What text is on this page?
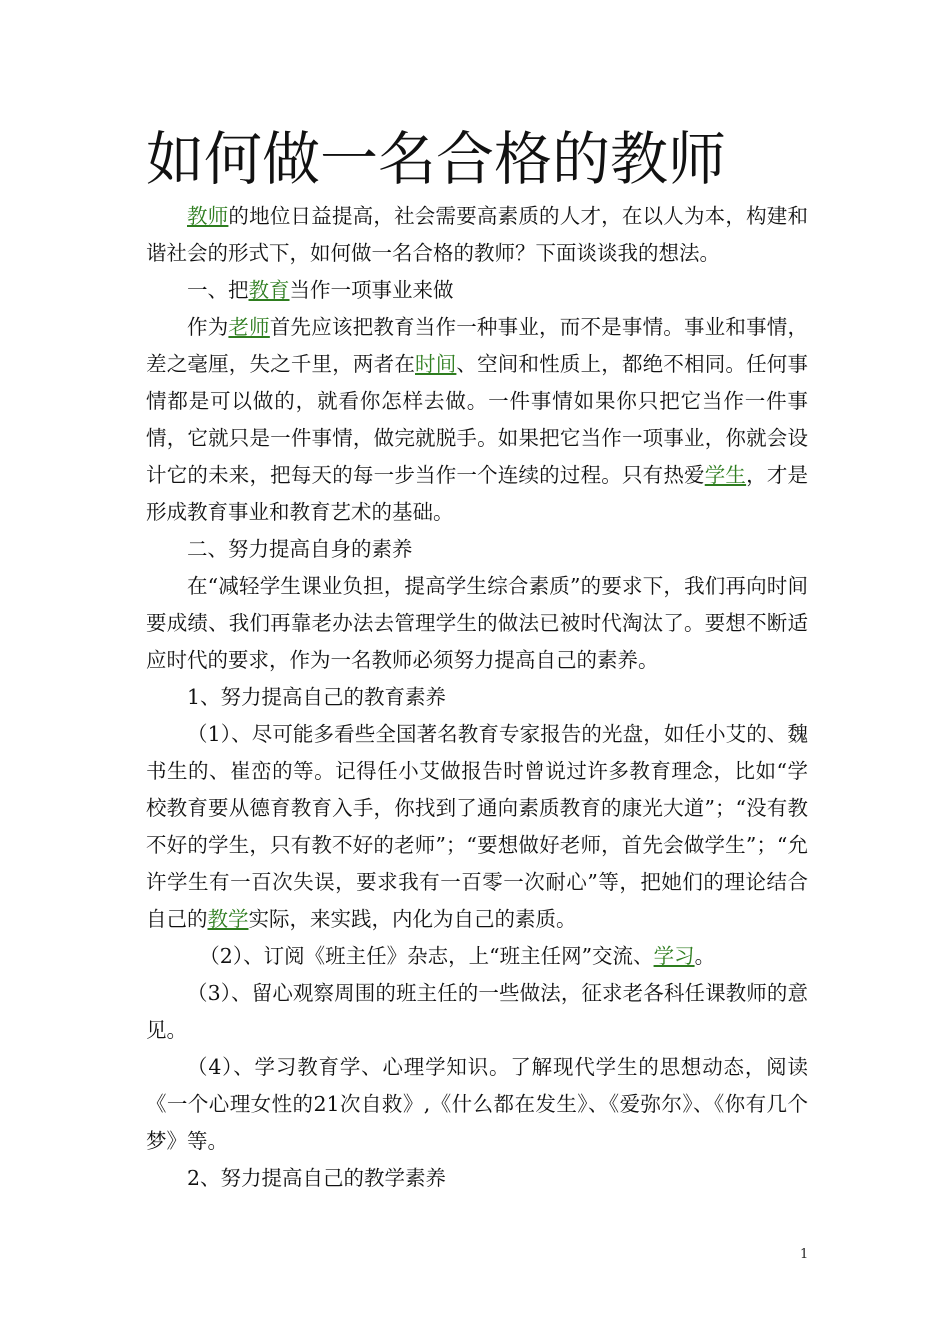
如何做一名合格的教师

教师的地位日益提高，社会需要高素质的人才，在以人为本，构建和谐社会的形式下，如何做一名合格的教师？下面谈谈我的想法。

一、把教育当作一项事业来做

作为老师首先应该把教育当作一种事业，而不是事情。事业和事情，差之毫厘，失之千里，两者在时间、空间和性质上，都绝不相同。任何事情都是可以做的，就看你怎样去做。一件事情如果你只把它当作一件事情，它就只是一件事情，做完就脱手。如果把它当作一项事业，你就会设计它的未来，把每天的每一步当作一个连续的过程。只有热爱学生，才是形成教育事业和教育艺术的基础。

二、努力提高自身的素养

在“减轻学生课业负担，提高学生综合素质”的要求下，我们再向时间要成绩、我们再靠老办法去管理学生的做法已被时代淘汰了。要想不断适应时代的要求，作为一名教师必须努力提高自己的素养。

1、努力提高自己的教育素养

（1）、尽可能多看些全国著名教育专家报告的光盘，如任小艾的、魏书生的、崔峦的等。记得任小艾做报告时曾说过许多教育理念，比如“学校教育要从德育教育入手，你找到了通向素质教育的康光大道”；“没有教不好的学生，只有教不好的老师”；“要想做好老师，首先会做学生”；“允许学生有一百次失误，要求我有一百零一次耐心”等，把她们的理论结合自己的教学实际，来实践，内化为自己的素质。

（2）、订阅《班主任》杂志，上“班主任网”交流、学习。

（3）、留心观察周围的班主任的一些做法，征求老各科任课教师的意见。

（4）、学习教育学、心理学知识。了解现代学生的思想动态，阅读《一个心理女性的21次自救》,《什么都在发生》、《爱弥尔》、《你有几个梦》等。

2、努力提高自己的教学素养

1
